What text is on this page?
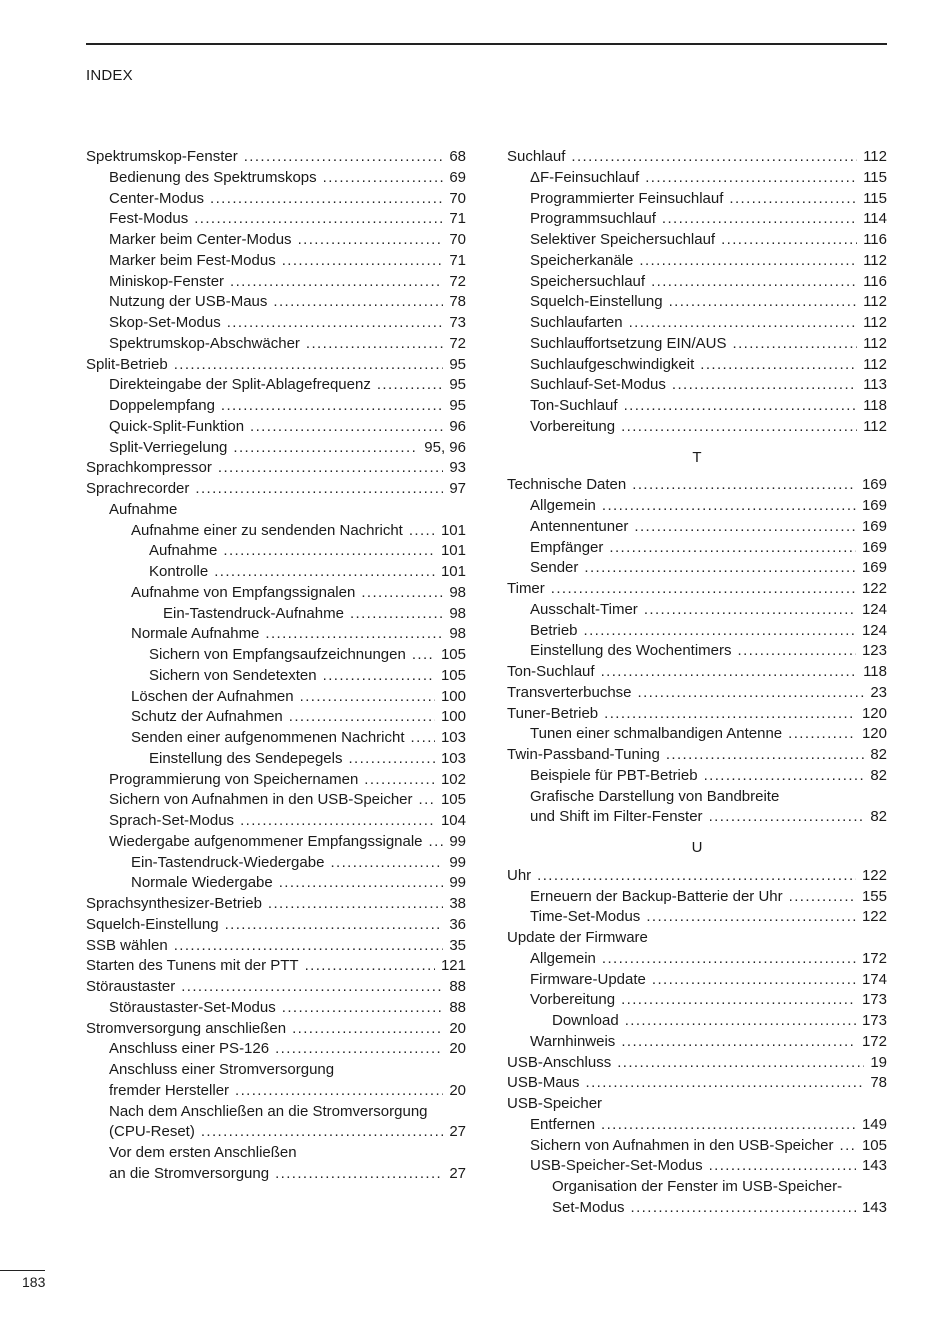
INDEX
Spektrumskop-Fenster .....	68
Bedienung des Spektrumskops .....	69
Center-Modus .....	70
Fest-Modus .....	71
Marker beim Center-Modus .....	70
Marker beim Fest-Modus .....	71
Miniskop-Fenster .....	72
Nutzung der USB-Maus .....	78
Skop-Set-Modus .....	73
Spektrumskop-Abschwächer .....	72
Split-Betrieb .....	95
Direkteingabe der Split-Ablagefrequenz .....	95
Doppelempfang .....	95
Quick-Split-Funktion .....	96
Split-Verriegelung .....	95, 96
Sprachkompressor .....	93
Sprachrecorder .....	97
Aufnahme
Aufnahme einer zu sendenden Nachricht .....	101
Aufnahme .....	101
Kontrolle .....	101
Aufnahme von Empfangssignalen .....	98
Ein-Tastendruck-Aufnahme .....	98
Normale Aufnahme .....	98
Sichern von Empfangsaufzeichnungen ..... 105
Sichern von Sendetexten .....	105
Löschen der Aufnahmen .....	100
Schutz der Aufnahmen .....	100
Senden einer aufgenommenen Nachricht ..... 103
Einstellung des Sendepegels .....	103
Programmierung von Speichernamen .....	102
Sichern von Aufnahmen in den USB-Speicher ..... 105
Sprach-Set-Modus .....	104
Wiedergabe aufgenommener Empfangssignale ..... 99
Ein-Tastendruck-Wiedergabe .....	99
Normale Wiedergabe .....	99
Sprachsynthesizer-Betrieb .....	38
Squelch-Einstellung .....	36
SSB wählen .....	35
Starten des Tunens mit der PTT .....	121
Störaustaster .....	88
Störaustaster-Set-Modus .....	88
Stromversorgung anschließen .....	20
Anschluss einer PS-126 .....	20
Anschluss einer Stromversorgung
fremder Hersteller .....	20
Nach dem Anschließen an die Stromversorgung
(CPU-Reset) .....	27
Vor dem ersten Anschließen
an die Stromversorgung .....	27
Suchlauf .....	112
ΔF-Feinsuchlauf .....	115
Programmierter Feinsuchlauf .....	115
Programmsuchlauf .....	114
Selektiver Speichersuchlauf .....	116
Speicherkanäle .....	112
Speichersuchlauf .....	116
Squelch-Einstellung .....	112
Suchlaufarten .....	112
Suchlauffortsetzung EIN/AUS .....	112
Suchlaufgeschwindigkeit .....	112
Suchlauf-Set-Modus .....	113
Ton-Suchlauf .....	118
Vorbereitung .....	112
T
Technische Daten .....	169
Allgemein .....	169
Antennentuner .....	169
Empfänger .....	169
Sender .....	169
Timer .....	122
Ausschalt-Timer .....	124
Betrieb .....	124
Einstellung des Wochentimers .....	123
Ton-Suchlauf .....	118
Transverterbuchse .....	23
Tuner-Betrieb .....	120
Tunen einer schmalbandigen Antenne .....	120
Twin-Passband-Tuning .....	82
Beispiele für PBT-Betrieb .....	82
Grafische Darstellung von Bandbreite
und Shift im Filter-Fenster .....	82
U
Uhr .....	122
Erneuern der Backup-Batterie der Uhr .....	155
Time-Set-Modus .....	122
Update der Firmware
Allgemein .....	172
Firmware-Update .....	174
Vorbereitung .....	173
Download .....	173
Warnhinweis .....	172
USB-Anschluss .....	19
USB-Maus .....	78
USB-Speicher
Entfernen .....	149
Sichern von Aufnahmen in den USB-Speicher ..... 105
USB-Speicher-Set-Modus .....	143
Organisation der Fenster im USB-Speicher-
Set-Modus .....	143
183
